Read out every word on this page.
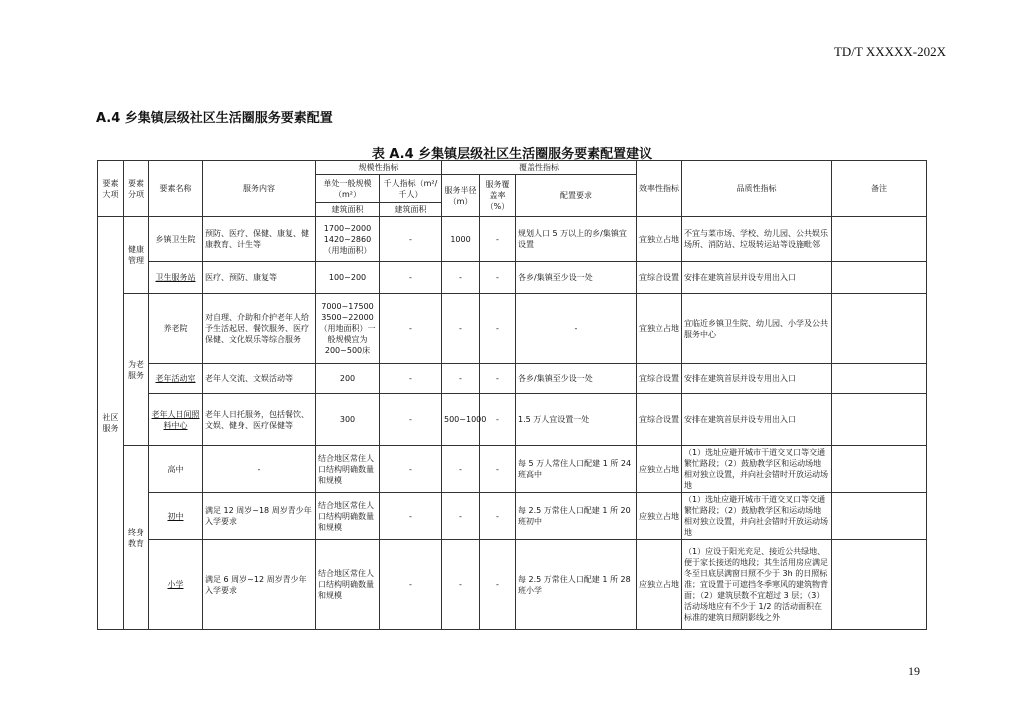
TD/T XXXXX-202X
A.4 乡集镇层级社区生活圈服务要素配置
表 A.4 乡集镇层级社区生活圈服务要素配置建议
要素大项	要素分项	要素名称	服务内容	规模性指标		覆盖性指标			效率性指标	品质性指标	备注
				单处一般规模（m²）	千人指标（m²/千人）	服务半径（m）	服务覆盖率（%）	配置要求			
				建筑面积	建筑面积						
社区服务	健康管理	乡镇卫生院	预防、医疗、保健、康复、健康教育、计生等	1700~2000 1420~2860（用地面积）	-	1000	-	规划人口 5 万以上的乡/集镇宜设置	宜独立占地	不宜与菜市场、学校、幼儿园、公共娱乐场所、消防站、垃圾转运站等设施毗邻	
		卫生服务站	医疗、预防、康复等	100~200	-	-	-	各乡/集镇至少设一处	宜综合设置	安排在建筑首层并设专用出入口	
	为老服务	养老院	对自理、介助和介护老年人给予生活起居、餐饮服务、医疗保健、文化娱乐等综合服务	7000~17500 3500~22000（用地面积）一般规模宜为200~500床	-	-	-	-	宜独立占地	宜临近乡镇卫生院、幼儿园、小学及公共服务中心	
		老年活动室	老年人交流、文娱活动等	200	-	-	-	各乡/集镇至少设一处	宜综合设置	安排在建筑首层并设专用出入口	
		老年人日间照料中心	老年人日托服务，包括餐饮、文娱、健身、医疗保健等	300	-	500~1000	-	1.5 万人宜设置一处	宜综合设置	安排在建筑首层并设专用出入口	
	终身教育	高中	-	结合地区常住人口结构明确数量和规模	-	-	-	每 5 万人常住人口配建 1 所 24 班高中	应独立占地	（1）选址应避开城市干道交叉口等交通繁忙路段；（2）鼓励教学区和运动场地相对独立设置，并向社会错时开放运动场地	
		初中	满足 12 周岁~18 周岁青少年入学要求	结合地区常住人口结构明确数量和规模	-	-	-	每 2.5 万常住人口配建 1 所 20 班初中	应独立占地	（1）选址应避开城市干道交叉口等交通繁忙路段；（2）鼓励教学区和运动场地相对独立设置，并向社会错时开放运动场地	
		小学	满足 6 周岁~12 周岁青少年入学要求	结合地区常住人口结构明确数量和规模	-	-	-	每 2.5 万常住人口配建 1 所 28 班小学	应独立占地	（1）应设于阳光充足、接近公共绿地、便于家长接送的地段；其生活用房应满足冬至日底层满窗日照不少于 3h 的日照标准；宜设置于可遮挡冬季寒风的建筑物背面；（2）建筑层数不宜超过 3 层；（3）活动场地应有不少于 1/2 的活动面积在标准的建筑日照阴影线之外	
19
